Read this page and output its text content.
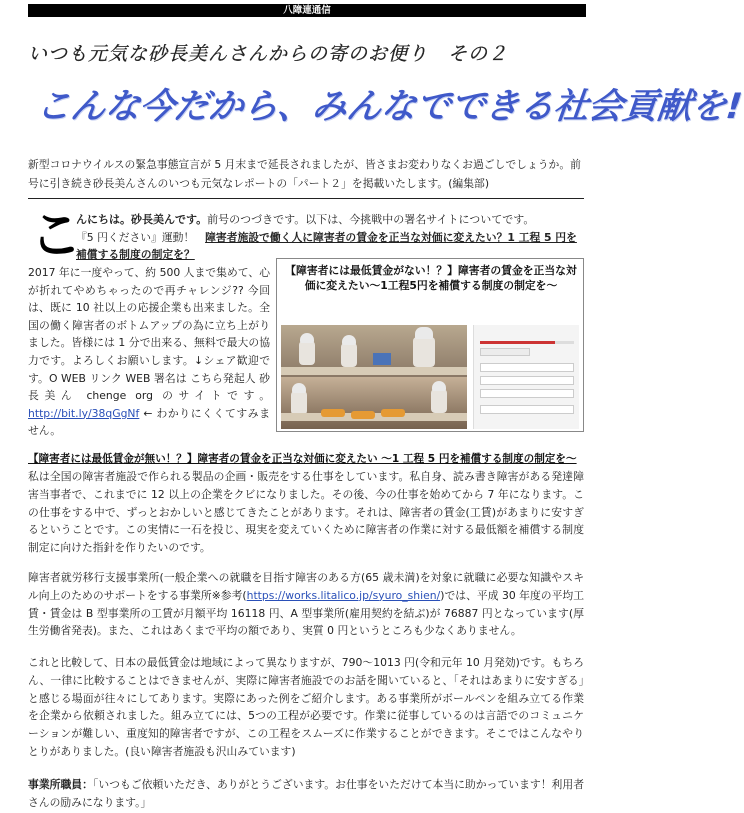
八障連通信
いつも元気な砂長美んさんからの寄のお便り　その２
こんな今だから、みんなでできる社会貢献を!

新型コロナウイルスの緊急事態宣言が 5 月末まで延長されましたが、皆さまお変わりなくお過ごしでしょうか。前号に引き続き砂長美んさんのいつも元気なレポートの「パート２」を掲載いたします。(編集部)

こ

んにちは。砂長美んです。前号のつづきです。以下は、今挑戦中の署名サイトについてです。

『5 円ください』運動！　 障害者施設で働く人に障害者の賃金を正当な対価に変えたい？1 工程 5 円を補償する制度の制定を？

2017 年に一度やって、約 500 人まで集めて、心が折れてやめちゃったので再チャレンジ?? 今回は、既に 10 社以上の応援企業も出来ました。全国の働く障害者のボトムアップの為に立ち上がりました。皆様には 1 分で出来る、無料で最大の協力です。よろしくお願いします。↓シェア歓迎です。O WEB リンク WEB 署名は こちら発起人 砂長美ん chenge org のサイトです。 http://bit.ly/38qGgNf ← わかりにくくてすみません。

【障害者には最低賃金がない！？】障害者の賃金を正当な対価に変えたい〜1工程5円を補償する制度の制定を〜
【障害者には最低賃金が無い！？】障害者の賃金を正当な対価に変えたい 〜1 工程 5 円を補償する制度の制定を〜

私は全国の障害者施設で作られる製品の企画・販売をする仕事をしています。私自身、読み書き障害がある発達障害当事者で、これまでに 12 以上の企業をクビになりました。その後、今の仕事を始めてから 7 年になります。この仕事をする中で、ずっとおかしいと感じてきたことがあります。それは、障害者の賃金(工賃)があまりに安すぎるということです。この実情に一石を投じ、現実を変えていくために障害者の作業に対する最低額を補償する制度制定に向けた指針を作りたいのです。

障害者就労移行支援事業所(一般企業への就職を目指す障害のある方(65 歳未満)を対象に就職に必要な知識やスキル向上のためのサポートをする事業所※参考(https://works.litalico.jp/syuro_shien/)では、平成 30 年度の平均工賃・賃金は B 型事業所の工賃が月額平均 16118 円、A 型事業所(雇用契約を結ぶ)が 76887 円となっています(厚生労働省発表)。また、これはあくまで平均の額であり、実質 0 円というところも少なくありません。

これと比較して、日本の最低賃金は地域によって異なりますが、790〜1013 円(令和元年 10 月発効)です。もちろん、一律に比較することはできませんが、実際に障害者施設でのお話を聞いていると、「それはあまりに安すぎる」と感じる場面が往々にしてあります。実際にあった例をご紹介します。ある事業所がボールペンを組み立てる作業を企業から依頼されました。組み立てには、5つの工程が必要です。作業に従事しているのは言語でのコミュニケーションが難しい、重度知的障害者ですが、この工程をスムーズに作業することができます。そこではこんなやりとりがありました。(良い障害者施設も沢山みています)

事業所職員：「いつもご依頼いただき、ありがとうございます。お仕事をいただけて本当に助かっています！利用者さんの励みになります。」
